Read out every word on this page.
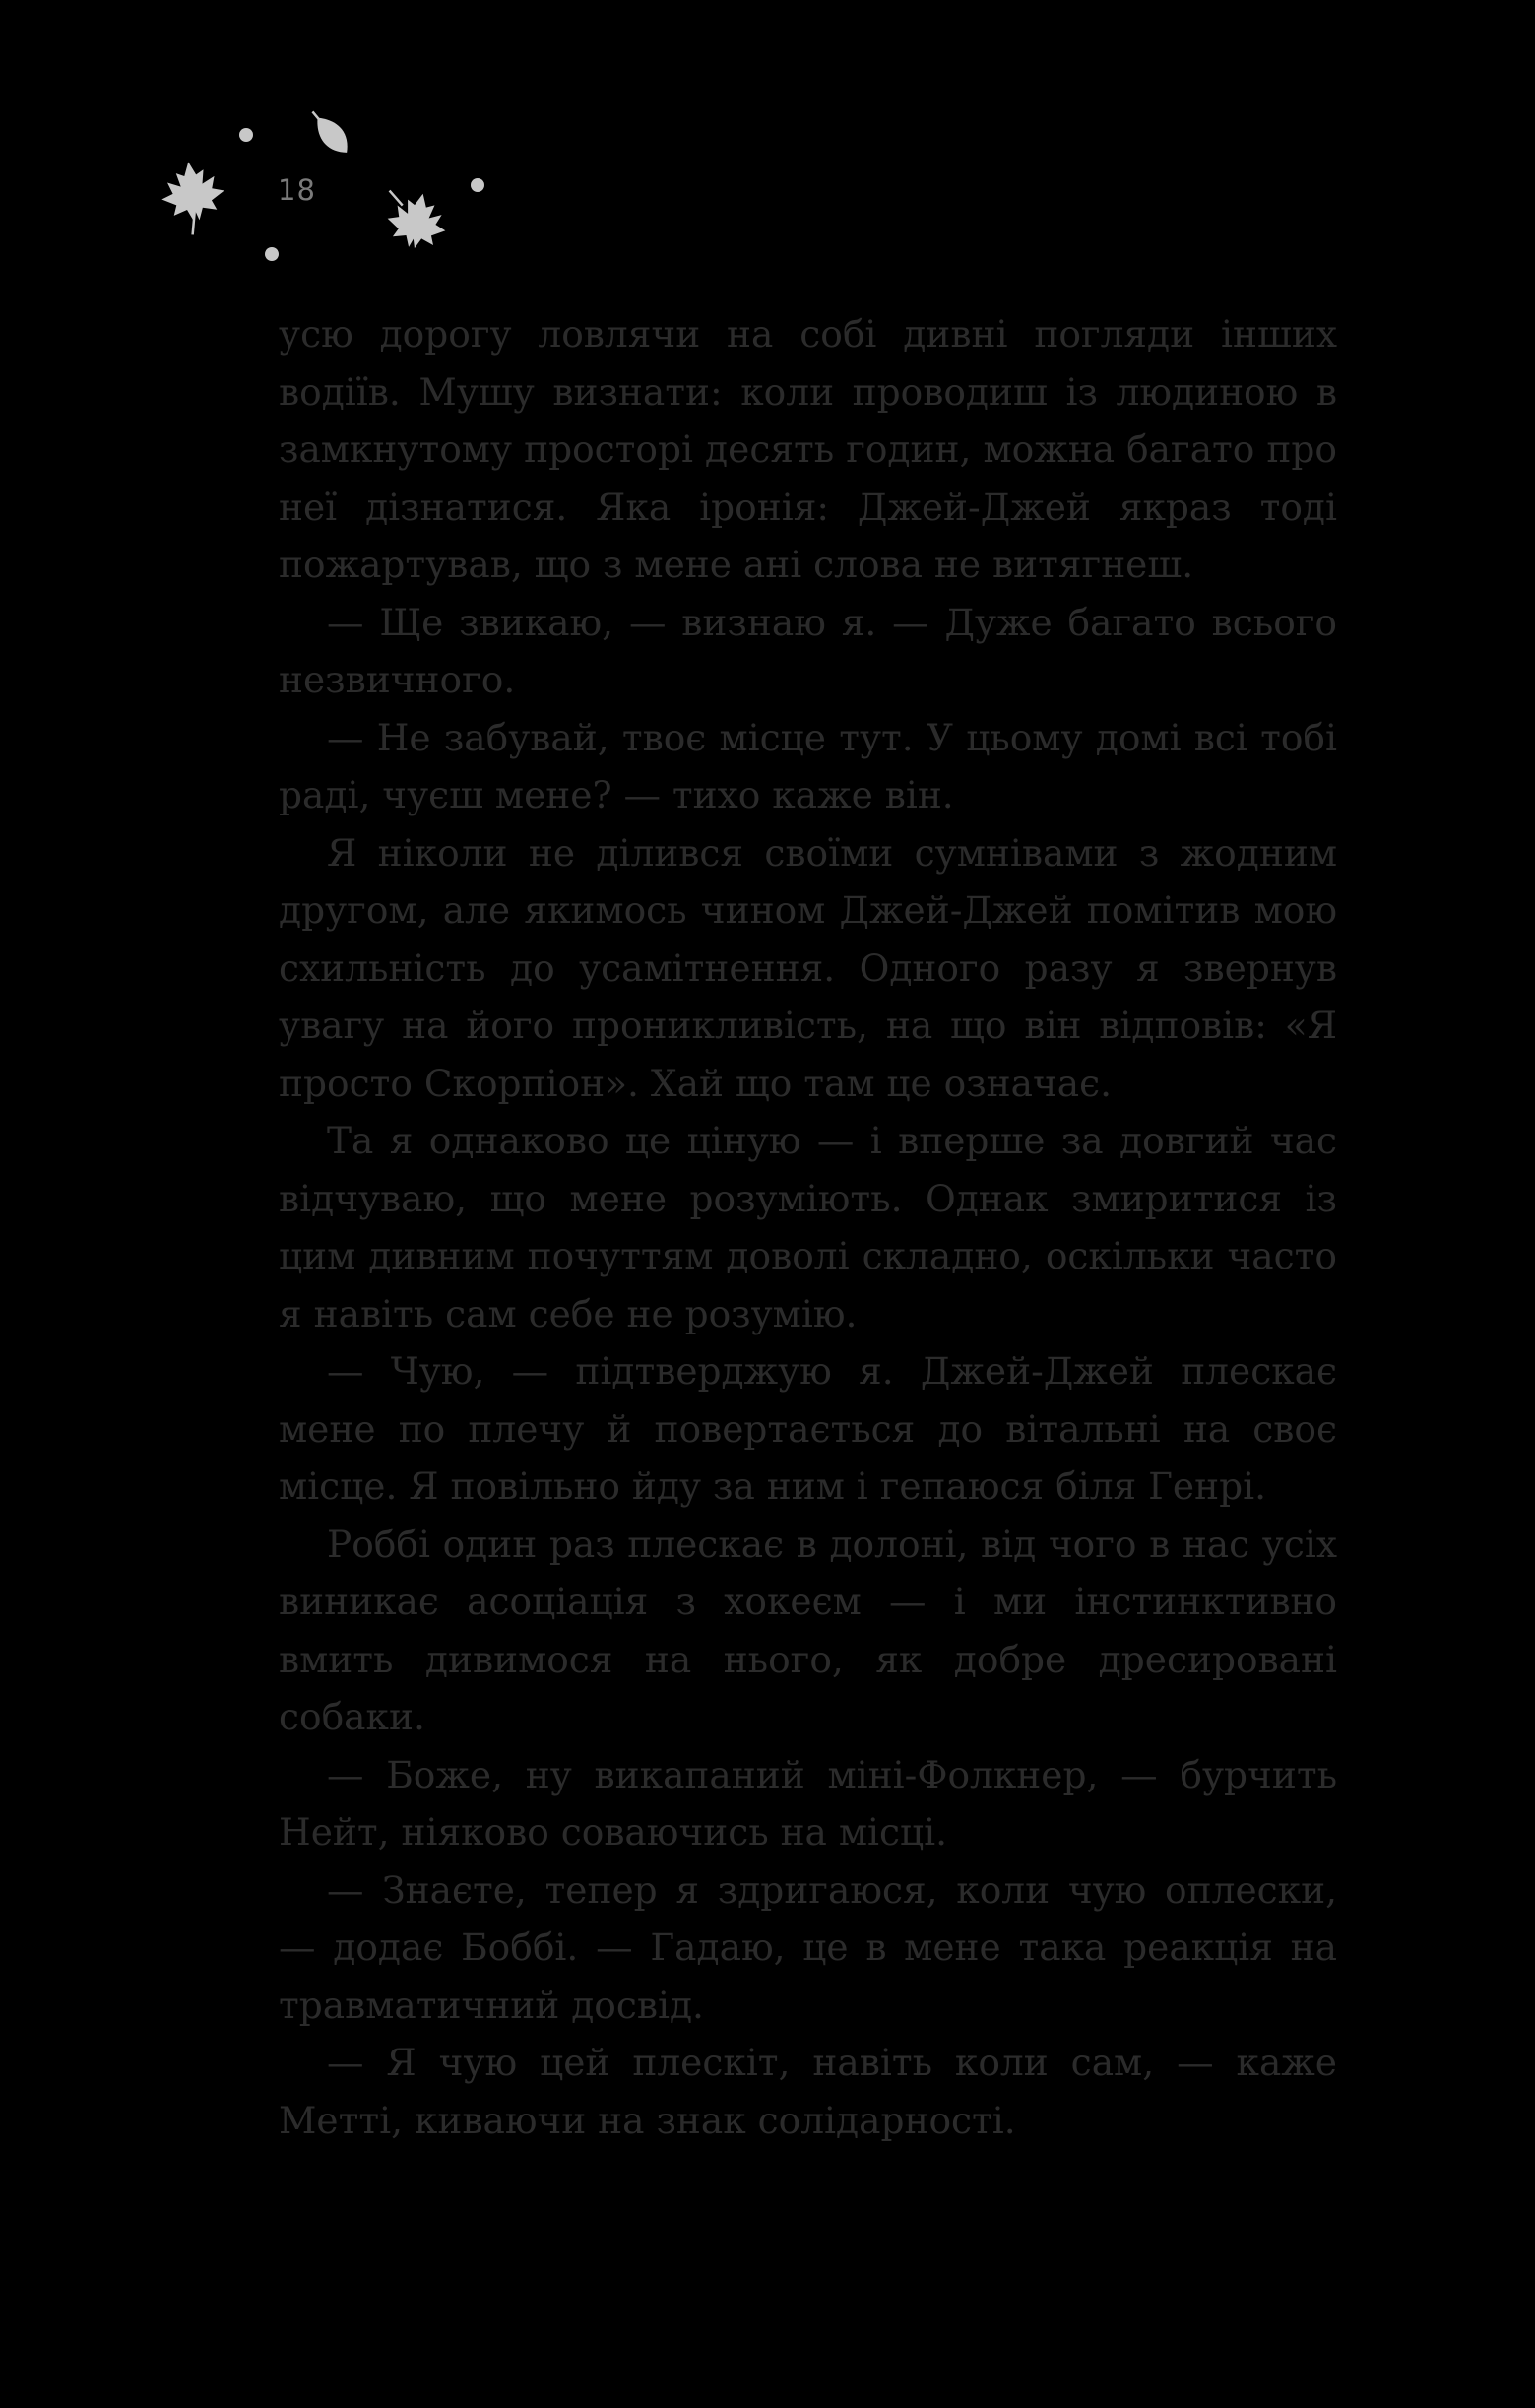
18

усю дорогу ловлячи на собі дивні погляди інших водіїв. Мушу визнати: коли проводиш із людиною в замкнутому просторі десять годин, можна багато про неї дізнатися. Яка іронія: Джей-Джей якраз тоді пожартував, що з мене ані слова не витягнеш.

— Ще звикаю, — визнаю я. — Дуже багато всього незвичного.

— Не забувай, твоє місце тут. У цьому домі всі тобі раді, чуєш мене? — тихо каже він.

Я ніколи не ділився своїми сумнівами з жодним другом, але якимось чином Джей-Джей помітив мою схильність до усамітнення. Одного разу я звернув увагу на його проникливість, на що він відповів: «Я просто Скорпіон». Хай що там це означає.

Та я однаково це ціную — і вперше за довгий час відчуваю, що мене розуміють. Однак змиритися із цим дивним почуттям доволі складно, оскільки часто я навіть сам себе не розумію.

— Чую, — підтверджую я. Джей-Джей плескає мене по плечу й повертається до вітальні на своє місце. Я повільно йду за ним і гепаюся біля Генрі.

Роббі один раз плескає в долоні, від чого в нас усіх виникає асоціація з хокеєм — і ми інстинктивно вмить дивимося на нього, як добре дресировані собаки.

— Боже, ну викапаний міні-Фолкнер, — бурчить Нейт, ніяково соваючись на місці.

— Знаєте, тепер я здригаюся, коли чую оплески, — додає Боббі. — Гадаю, це в мене така реакція на травматичний досвід.

— Я чую цей плескіт, навіть коли сам, — каже Метті, киваючи на знак солідарності.
